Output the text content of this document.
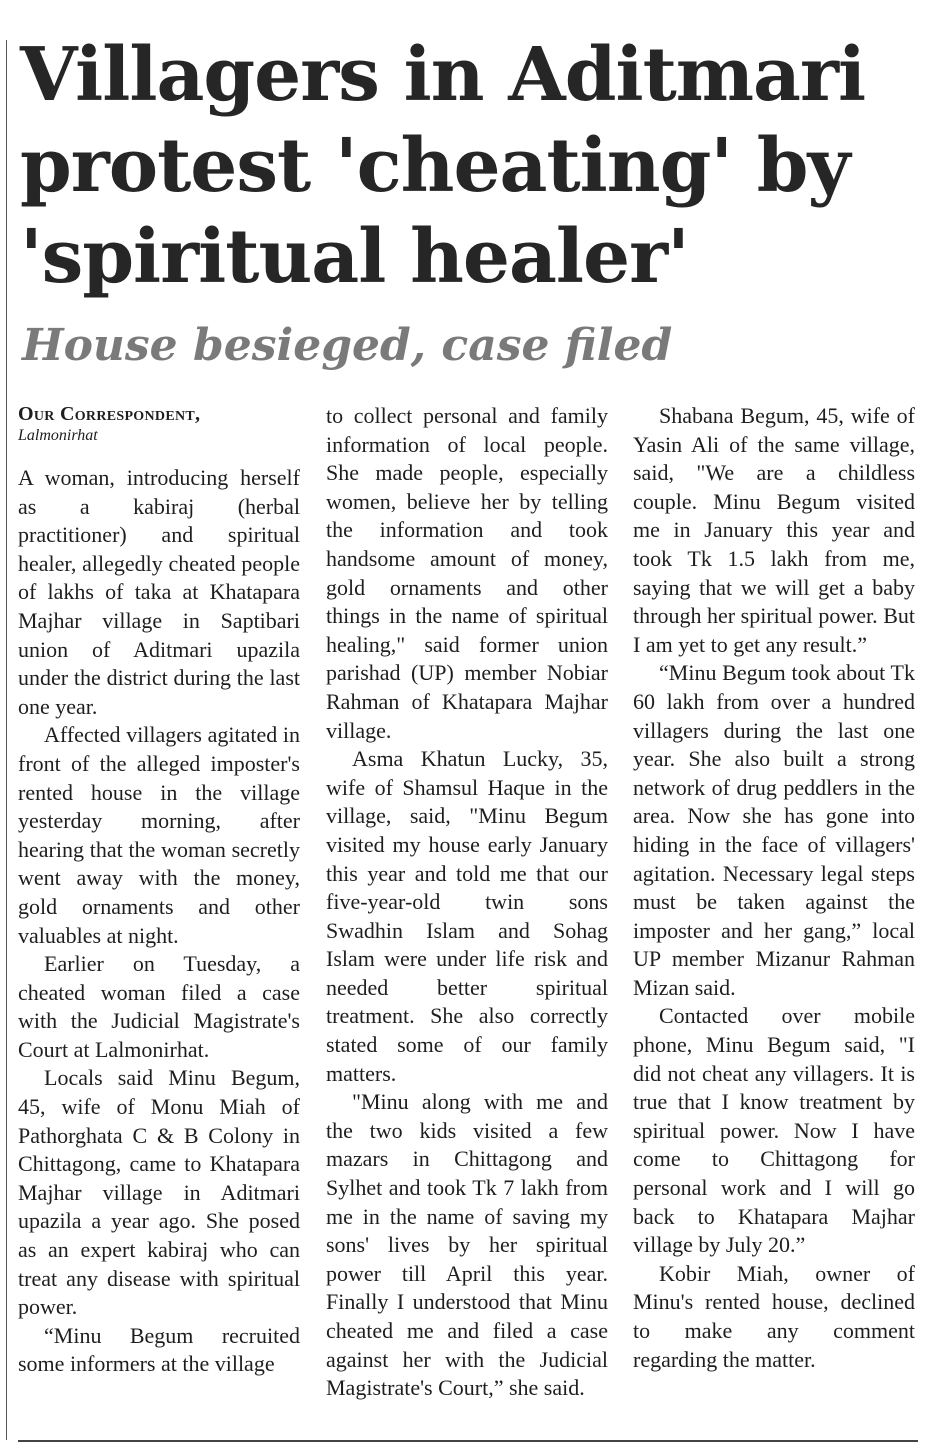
Villagers in Aditmari protest 'cheating' by 'spiritual healer'
House besieged, case filed
Our Correspondent,
Lalmonirhat

A woman, introducing herself as a kabiraj (herbal practitioner) and spiritual healer, allegedly cheated people of lakhs of taka at Khatapara Majhar village in Saptibari union of Aditmari upazila under the district during the last one year.

Affected villagers agitated in front of the alleged imposter's rented house in the village yesterday morning, after hearing that the woman secretly went away with the money, gold ornaments and other valuables at night.

Earlier on Tuesday, a cheated woman filed a case with the Judicial Magistrate's Court at Lalmonirhat.

Locals said Minu Begum, 45, wife of Monu Miah of Pathorghata C & B Colony in Chittagong, came to Khatapara Majhar village in Aditmari upazila a year ago. She posed as an expert kabiraj who can treat any disease with spiritual power.

“Minu Begum recruited some informers at the village

to collect personal and family information of local people. She made people, especially women, believe her by telling the information and took handsome amount of money, gold ornaments and other things in the name of spiritual healing," said former union parishad (UP) member Nobiar Rahman of Khatapara Majhar village.

Asma Khatun Lucky, 35, wife of Shamsul Haque in the village, said, "Minu Begum visited my house early January this year and told me that our five-year-old twin sons Swadhin Islam and Sohag Islam were under life risk and needed better spiritual treatment. She also correctly stated some of our family matters.

"Minu along with me and the two kids visited a few mazars in Chittagong and Sylhet and took Tk 7 lakh from me in the name of saving my sons' lives by her spiritual power till April this year. Finally I understood that Minu cheated me and filed a case against her with the Judicial Magistrate's Court,” she said.

Shabana Begum, 45, wife of Yasin Ali of the same village, said, "We are a childless couple. Minu Begum visited me in January this year and took Tk 1.5 lakh from me, saying that we will get a baby through her spiritual power. But I am yet to get any result.”

“Minu Begum took about Tk 60 lakh from over a hundred villagers during the last one year. She also built a strong network of drug peddlers in the area. Now she has gone into hiding in the face of villagers' agitation. Necessary legal steps must be taken against the imposter and her gang,” local UP member Mizanur Rahman Mizan said.

Contacted over mobile phone, Minu Begum said, "I did not cheat any villagers. It is true that I know treatment by spiritual power. Now I have come to Chittagong for personal work and I will go back to Khatapara Majhar village by July 20.”

Kobir Miah, owner of Minu's rented house, declined to make any comment regarding the matter.
